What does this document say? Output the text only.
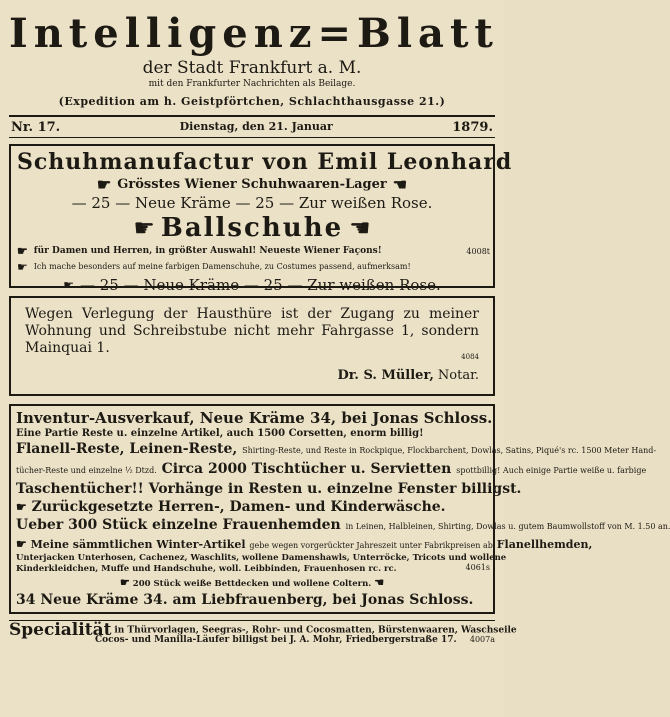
Intelligenz=Blatt
der Stadt Frankfurt a. M.
mit den Frankfurter Nachrichten als Beilage.
(Expedition am h. Geistpförtchen, Schlachthausgasse 21.)
Nr. 17.	Dienstag, den 21. Januar	1879.
Schuhmanufactur von Emil Leonhard
☛ Grösstes Wiener Schuhwaaren-Lager ☚
— 25 — Neue Kräme — 25 — Zur weißen Rose.
☛ Ballschuhe ☚
☛ für Damen und Herren, in größter Auswahl! Neueste Wiener Façons!
☛ Ich mache besonders auf meine farbigen Damenschuhe, zu Costumes passend, aufmerksam!
☛ — 25 — Neue Kräme — 25 — Zur weißen Rose.
4008t
Wegen Verlegung der Hausthüre ist der Zugang zu meiner Wohnung und Schreibstube nicht mehr Fahrgasse 1, sondern Mainquai 1.
4084
Dr. S. Müller, Notar.
Inventur-Ausverkauf, Neue Kräme 34, bei Jonas Schloss.
Eine Partie Reste u. einzelne Artikel, auch 1500 Corsetten, enorm billig!
Flanell-Reste, Leinen-Reste, Shirting-Reste, und Reste in Rockpique, Flockbarchent, Dowlas, Satins, Piqué's rc. 1500 Meter Hand-
tücher-Reste und einzelne ½ Dtzd. Circa 2000 Tischtücher u. Servietten spottbillig! Auch einige Partie weiße u. farbige
Taschentücher!! Vorhänge in Resten u. einzelne Fenster billigst.
☛ Zurückgesetzte Herren-, Damen- und Kinderwäsche.
Ueber 300 Stück einzelne Frauenhemden in Leinen, Halbleinen, Shirting, Dowlas u. gutem Baumwollstoff von M. 1.50 an.
☛ Meine sämmtlichen Winter-Artikel gebe wegen vorgerückter Jahreszeit unter Fabrikpreisen ab Flanellhemden,
Unterjacken Unterhosen, Cachenez, Waschlits, wollene Damenshawls, Unterröcke, Tricots und wollene
Kinderkleidchen, Muffe und Handschuhe, woll. Leibbinden, Frauenhosen rc. rc.
☛ 200 Stück weiße Bettdecken und wollene Coltern. ☚
34 Neue Kräme 34. am Liebfrauenberg, bei Jonas Schloss.
4061s
Specialität in Thürvorlagen, Seegras-, Rohr- und Cocosmatten, Bürstenwaaren, Waschseile
Cocos- und Manilla-Läufer billigst bei J. A. Mohr, Friedbergerstraße 17. 4007a
